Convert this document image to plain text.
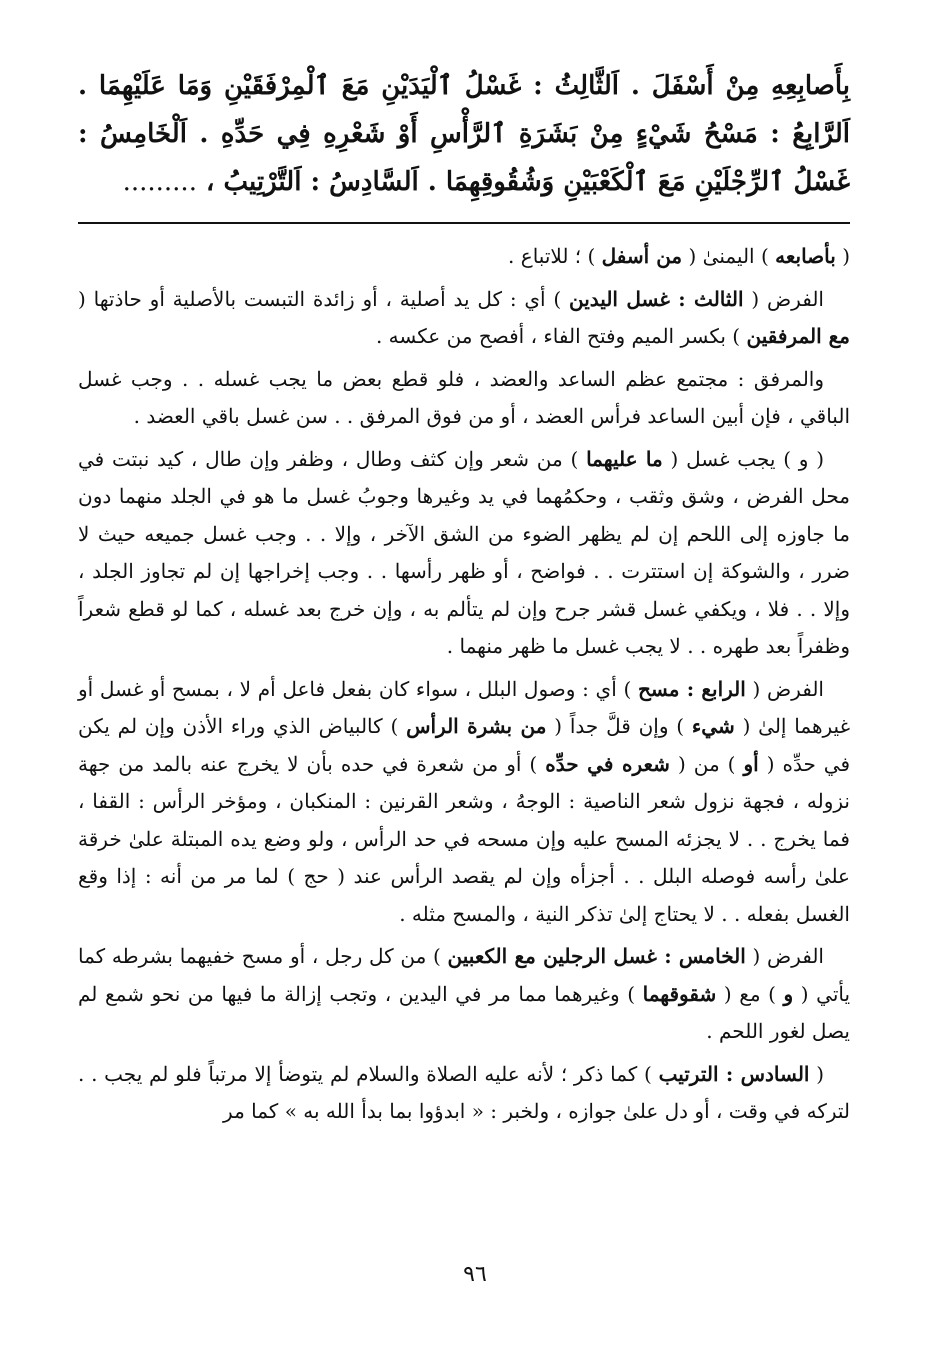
بِأَصابِعِهِ مِنْ أَسْفَلَ . اَلثَّالِثُ : غَسْلُ ٱلْيَدَيْنِ مَعَ ٱلْمِرْفَقَيْنِ وَمَا عَلَيْهِمَا . اَلرَّابِعُ : مَسْحُ شَيْءٍ مِنْ بَشَرَةِ ٱلرَّأْسِ أَوْ شَعْرِهِ فِي حَدِّهِ . اَلْخَامِسُ : غَسْلُ ٱلرِّجْلَيْنِ مَعَ ٱلْكَعْبَيْنِ وَشُقُوقِهِمَا . اَلسَّادِسُ : اَلتَّرْتِيبُ ، .........

( بأصابعه ) اليمنىٰ ( من أسفل ) ؛ للاتباع .

الفرض ( الثالث : غسل اليدين ) أي : كل يد أصلية ، أو زائدة التبست بالأصلية أو حاذتها ( مع المرفقين ) بكسر الميم وفتح الفاء ، أفصح من عكسه .

والمرفق : مجتمع عظم الساعد والعضد ، فلو قطع بعض ما يجب غسله . . وجب غسل الباقي ، فإن أبين الساعد فرأس العضد ، أو من فوق المرفق . . سن غسل باقي العضد .

( و ) يجب غسل ( ما عليهما ) من شعر وإن كثف وطال ، وظفر وإن طال ، كيد نبتت في محل الفرض ، وشق وثقب ، وحكمُهما في يد وغيرها وجوبُ غسل ما هو في الجلد منهما دون ما جاوزه إلى اللحم إن لم يظهر الضوء من الشق الآخر ، وإلا . . وجب غسل جميعه حيث لا ضرر ، والشوكة إن استترت . . فواضح ، أو ظهر رأسها . . وجب إخراجها إن لم تجاوز الجلد ، وإلا . . فلا ، ويكفي غسل قشر جرح وإن لم يتألم به ، وإن خرج بعد غسله ، كما لو قطع شعراً وظفراً بعد طهره . . لا يجب غسل ما ظهر منهما .

الفرض ( الرابع : مسح ) أي : وصول البلل ، سواء كان بفعل فاعل أم لا ، بمسح أو غسل أو غيرهما إلىٰ ( شيء ) وإن قلَّ جداً ( من بشرة الرأس ) كالبياض الذي وراء الأذن وإن لم يكن في حدِّه ( أو ) من ( شعره في حدِّه ) أو من شعرة في حده بأن لا يخرج عنه بالمد من جهة نزوله ، فجهة نزول شعر الناصية : الوجهُ ، وشعر القرنين : المنكبان ، ومؤخر الرأس : القفا ، فما يخرج . . لا يجزئه المسح عليه وإن مسحه في حد الرأس ، ولو وضع يده المبتلة علىٰ خرقة علىٰ رأسه فوصله البلل . . أجزأه وإن لم يقصد الرأس عند ( حج ) لما مر من أنه : إذا وقع الغسل بفعله . . لا يحتاج إلىٰ تذكر النية ، والمسح مثله .

الفرض ( الخامس : غسل الرجلين مع الكعبين ) من كل رجل ، أو مسح خفيهما بشرطه كما يأتي ( و ) مع ( شقوقهما ) وغيرهما مما مر في اليدين ، وتجب إزالة ما فيها من نحو شمع لم يصل لغور اللحم .

( السادس : الترتيب ) كما ذكر ؛ لأنه عليه الصلاة والسلام لم يتوضأ إلا مرتباً فلو لم يجب . . لتركه في وقت ، أو دل علىٰ جوازه ، ولخبر : « ابدؤوا بما بدأ الله به » كما مر

٩٦
